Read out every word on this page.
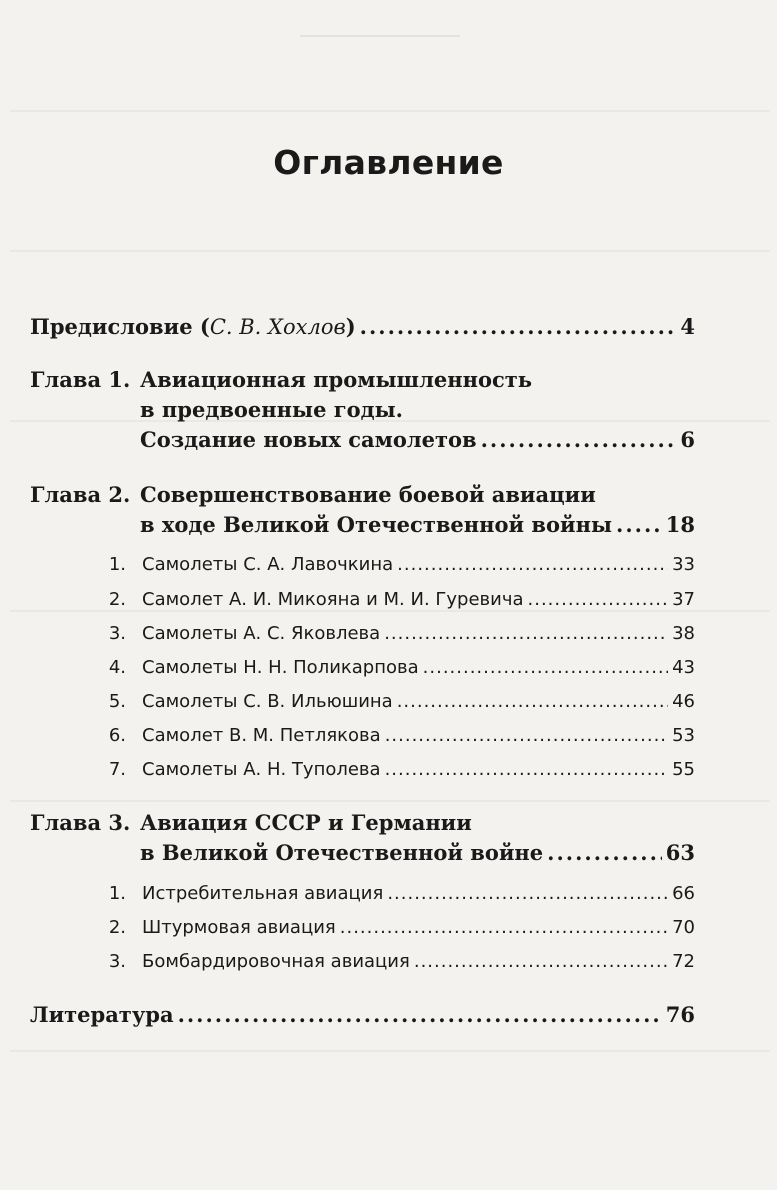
Оглавление
Предисловие (С. В. Хохлов) .....	4
Глава 1. Авиационная промышленность
в предвоенные годы.
Создание новых самолетов .....	6
Глава 2. Совершенствование боевой авиации
в ходе Великой Отечественной войны .....	18
1. Самолеты С. А. Лавочкина .....	33
2. Самолет А. И. Микояна и М. И. Гуревича .....	37
3. Самолеты А. С. Яковлева .....	38
4. Самолеты Н. Н. Поликарпова .....	43
5. Самолеты С. В. Ильюшина .....	46
6. Самолет В. М. Петлякова .....	53
7. Самолеты А. Н. Туполева .....	55
Глава 3. Авиация СССР и Германии
в Великой Отечественной войне .....	63
1. Истребительная авиация .....	66
2. Штурмовая авиация .....	70
3. Бомбардировочная авиация .....	72
Литература .....	76
